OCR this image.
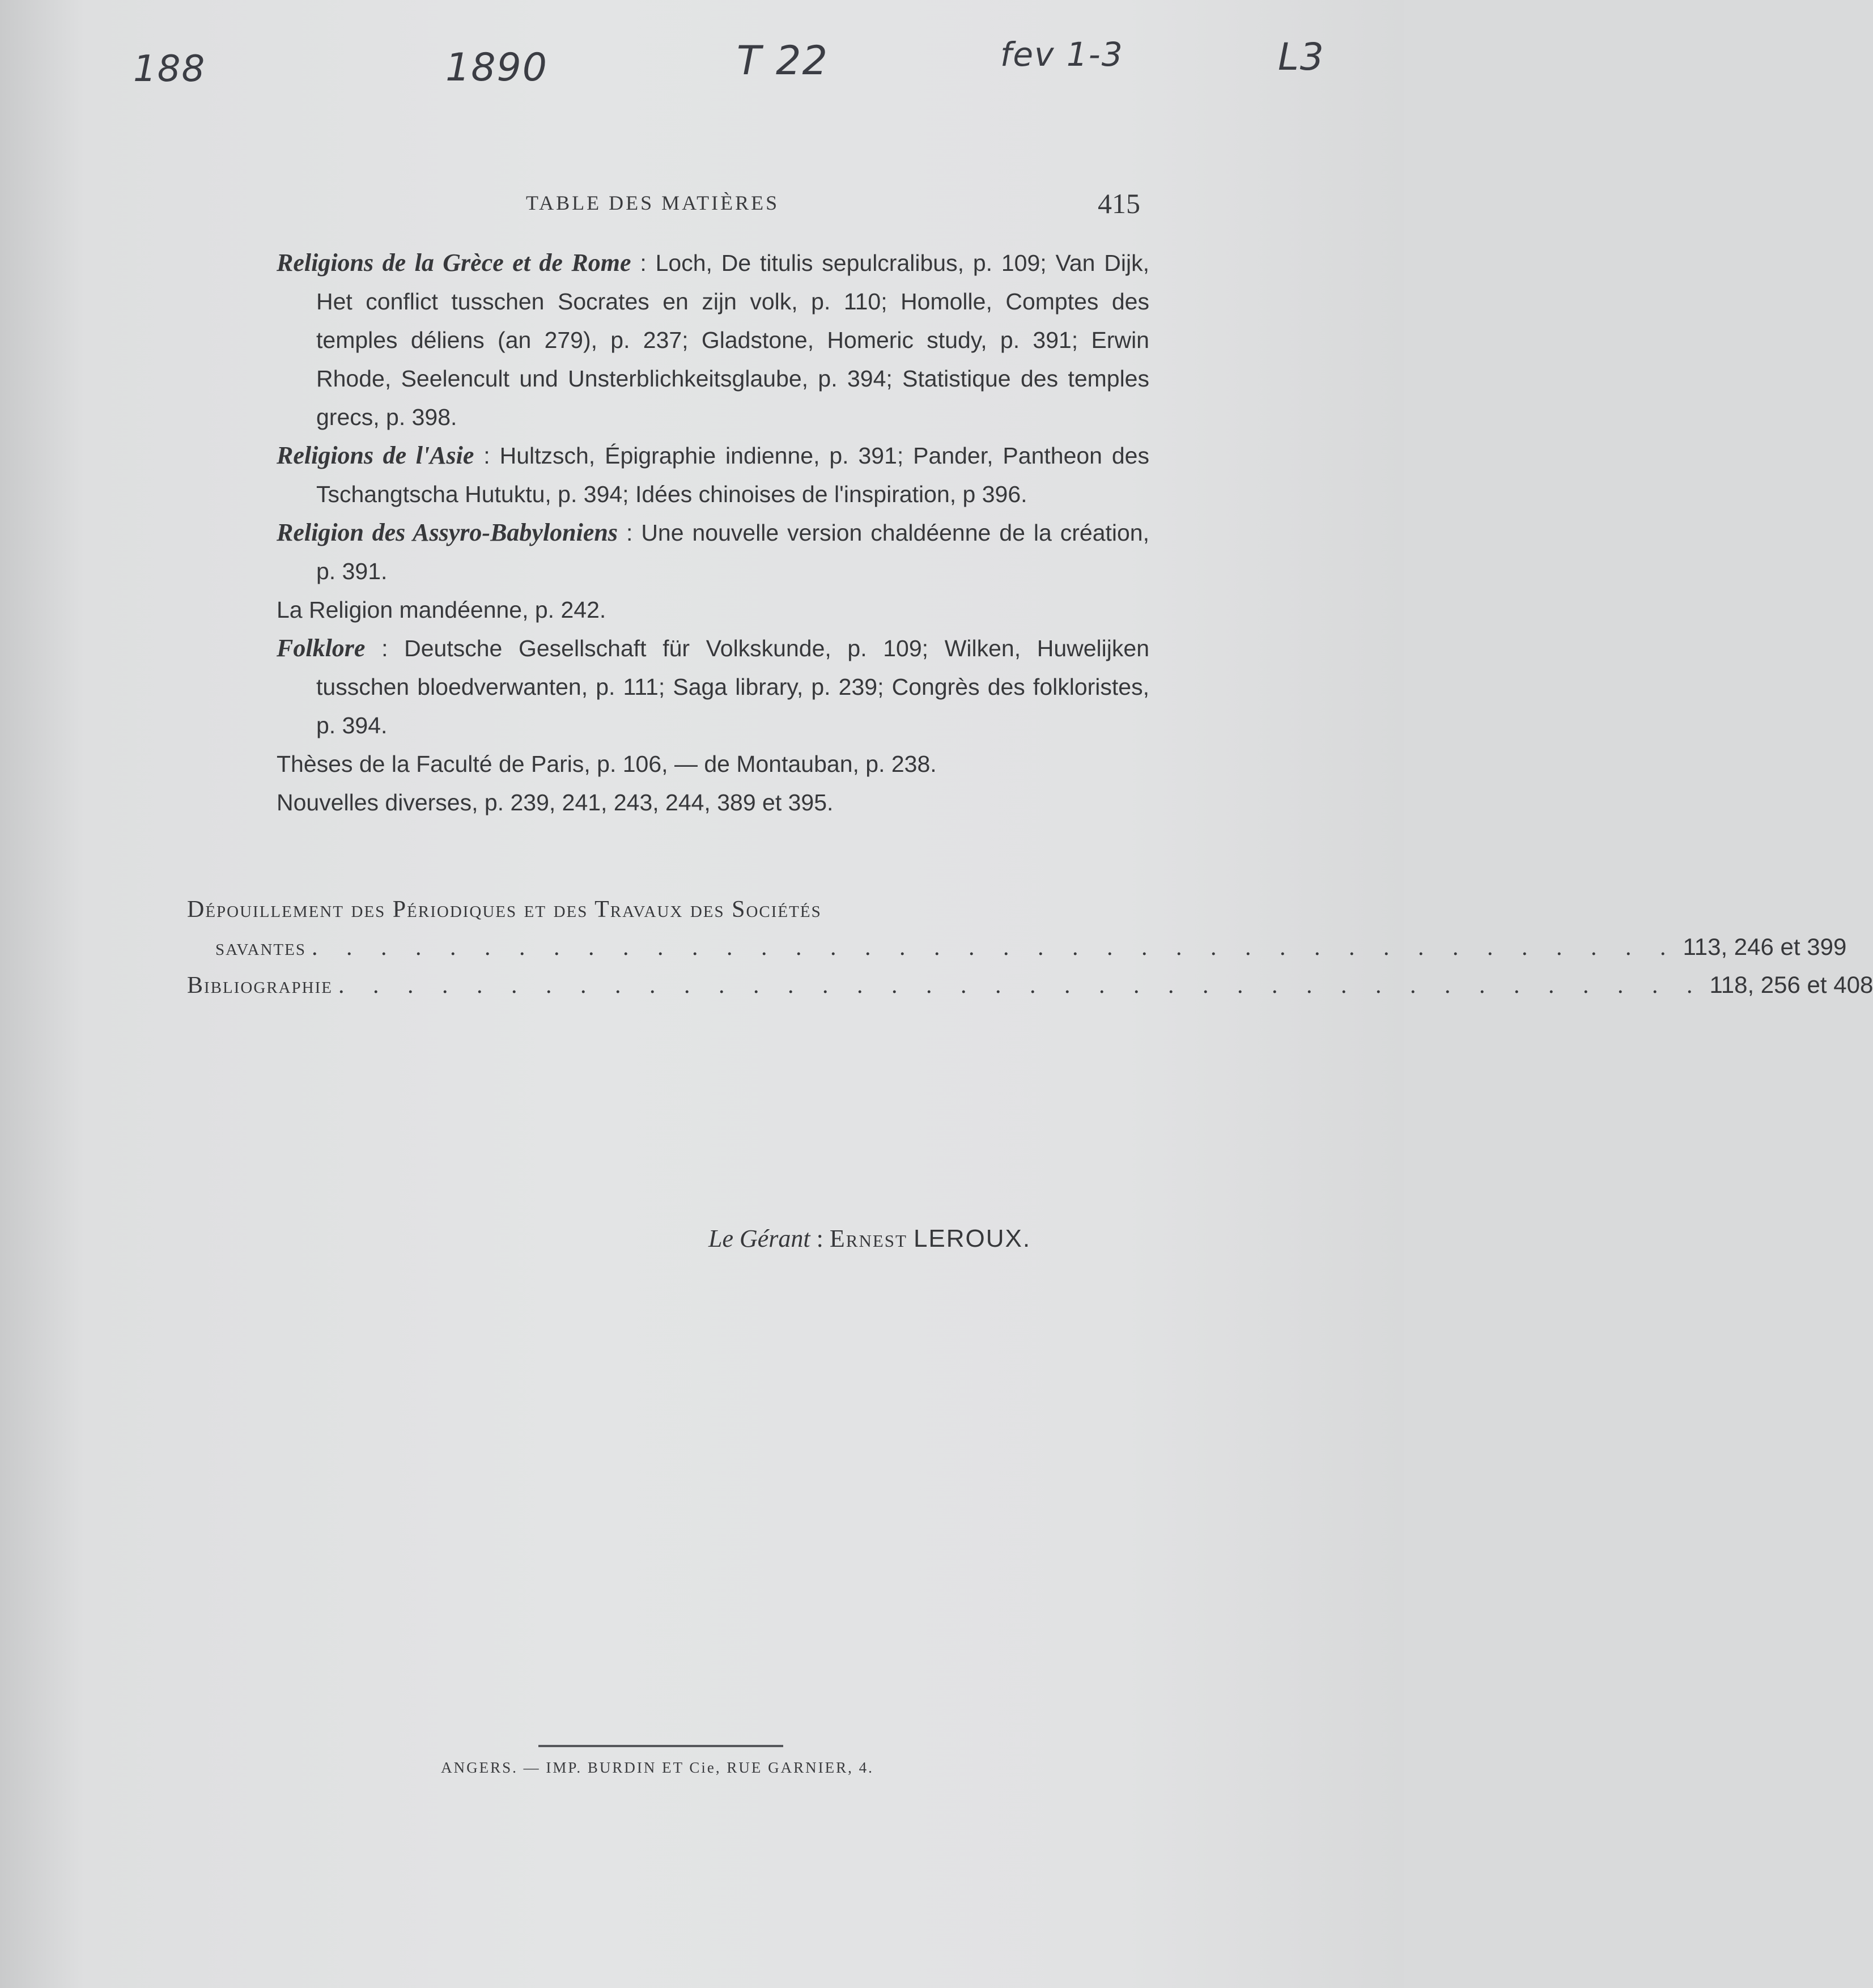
188	1890	T 22	fev 1-3	L3
TABLE DES MATIÈRES	415

Religions de la Grèce et de Rome : Loch, De titulis sepulcralibus, p. 109; Van Dijk, Het conflict tusschen Socrates en zijn volk, p. 110; Homolle, Comptes des temples déliens (an 279), p. 237; Gladstone, Homeric study, p. 391; Erwin Rhode, Seelencult und Unsterblichkeitsglaube, p. 394; Statistique des temples grecs, p. 398.

Religions de l'Asie : Hultzsch, Épigraphie indienne, p. 391; Pander, Pantheon des Tschangtscha Hutuktu, p. 394; Idées chinoises de l'inspiration, p 396.

Religion des Assyro-Babyloniens : Une nouvelle version chaldéenne de la création, p. 391.

La Religion mandéenne, p. 242.

Folklore : Deutsche Gesellschaft für Volkskunde, p. 109; Wilken, Huwelijken tusschen bloedverwanten, p. 111; Saga library, p. 239; Congrès des folkloristes, p. 394.

Thèses de la Faculté de Paris, p. 106, — de Montauban, p. 238.

Nouvelles diverses, p. 239, 241, 243, 244, 389 et 395.

Dépouillement des Périodiques et des Travaux des Sociétés
savantes . . . . . . . . . . . . . . . . . . . . . . . . . . . . . . . . . . . . . . . . 113, 246 et 399
Bibliographie . . . . . . . . . . . . . . . . . . . . . . . . . . . . . . . . . . . . . . . . 118, 256 et 408
Le Gérant : Ernest LEROUX.
ANGERS. — IMP. BURDIN ET Cie, RUE GARNIER, 4.
